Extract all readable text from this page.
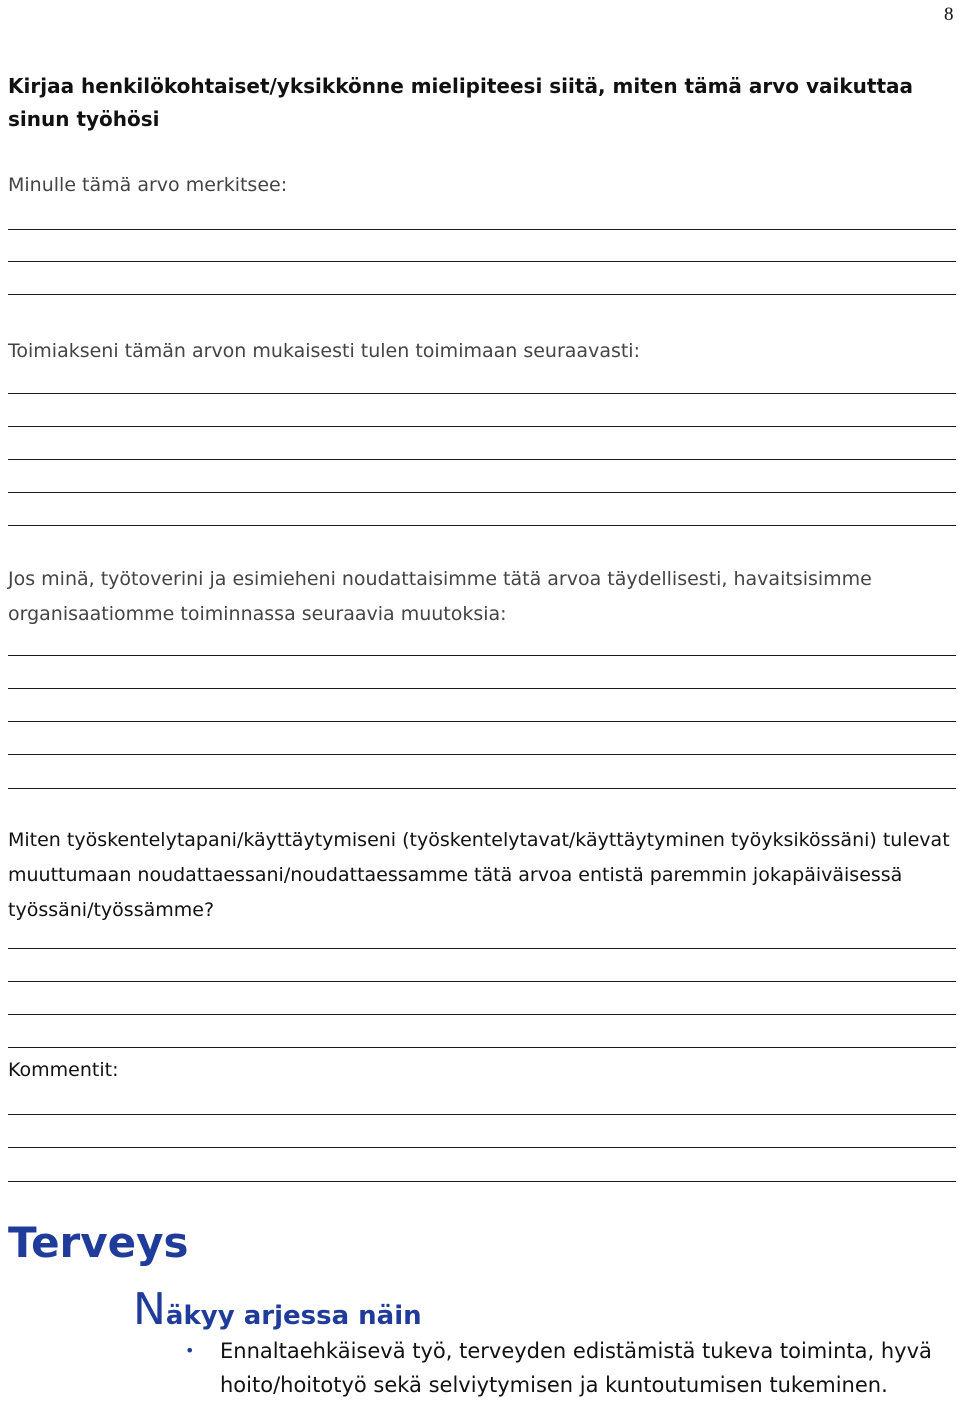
8
Kirjaa henkilökohtaiset/yksikkönne mielipiteesi siitä, miten tämä arvo vaikuttaa sinun työhösi
Minulle tämä arvo merkitsee:
Toimiakseni tämän arvon mukaisesti tulen toimimaan seuraavasti:
Jos minä, työtoverini ja esimieheni noudattaisimme tätä arvoa täydellisesti, havaitsisimme organisaatiomme toiminnassa seuraavia muutoksia:
Miten työskentelytapani/käyttäytymiseni (työskentelytavat/käyttäytyminen työyksikössäni) tulevat muuttumaan noudattaessani/noudattaessamme tätä arvoa entistä paremmin jokapäiväisessä työssäni/työssämme?
Kommentit:
Terveys
Näkyy arjessa näin
• Ennaltaehkäisevä työ, terveyden edistämistä tukeva toiminta, hyvä hoito/hoitotyö sekä selviytymisen ja kuntoutumisen tukeminen.
